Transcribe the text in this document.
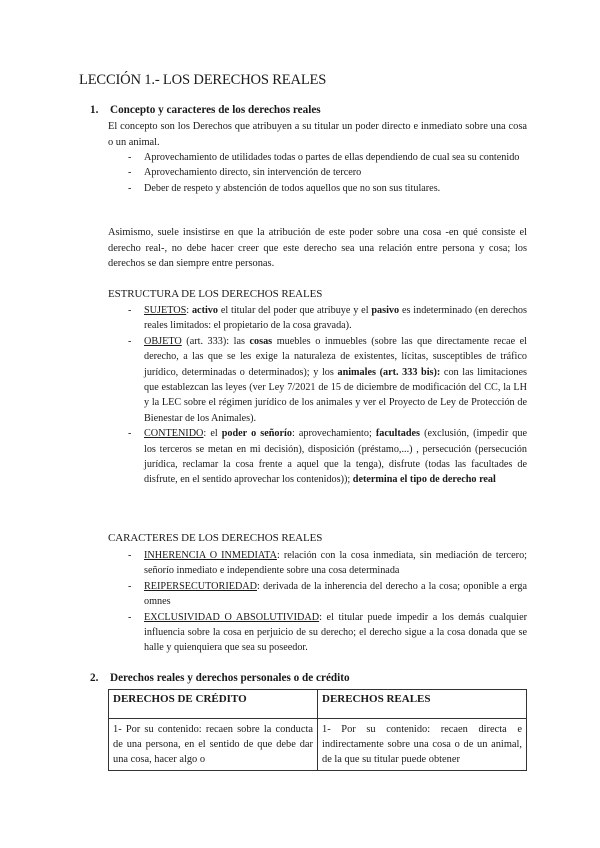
LECCIÓN 1.- LOS DERECHOS REALES

1. Concepto y caracteres de los derechos reales

El concepto son los Derechos que atribuyen a su titular un poder directo e inmediato sobre una cosa o un animal.

- Aprovechamiento de utilidades todas o partes de ellas dependiendo de cual sea su contenido
- Aprovechamiento directo, sin intervención de tercero
- Deber de respeto y abstención de todos aquellos que no son sus titulares.

Asimismo, suele insistirse en que la atribución de este poder sobre una cosa -en qué consiste el derecho real-, no debe hacer creer que este derecho sea una relación entre persona y cosa; los derechos se dan siempre entre personas.

ESTRUCTURA DE LOS DERECHOS REALES

- SUJETOS: activo el titular del poder que atribuye y el pasivo es indeterminado (en derechos reales limitados: el propietario de la cosa gravada).
- OBJETO (art. 333): las cosas muebles o inmuebles (sobre las que directamente recae el derecho, a las que se les exige la naturaleza de existentes, lícitas, susceptibles de tráfico jurídico, determinadas o determinados); y los animales (art. 333 bis): con las limitaciones que establezcan las leyes (ver Ley 7/2021 de 15 de diciembre de modificación del CC, la LH y la LEC sobre el régimen jurídico de los animales y ver el Proyecto de Ley de Protección de Bienestar de los Animales).
- CONTENIDO: el poder o señorío: aprovechamiento; facultades (exclusión, (impedir que los terceros se metan en mi decisión), disposición (préstamo,...) , persecución (persecución jurídica, reclamar la cosa frente a aquel que la tenga), disfrute (todas las facultades de disfrute, en el sentido aprovechar los contenidos)); determina el tipo de derecho real

CARACTERES DE LOS DERECHOS REALES

- INHERENCIA O INMEDIATA: relación con la cosa inmediata, sin mediación de tercero; señorío inmediato e independiente sobre una cosa determinada
- REIPERSECUTORIEDAD: derivada de la inherencia del derecho a la cosa; oponible a erga omnes
- EXCLUSIVIDAD O ABSOLUTIVIDAD: el titular puede impedir a los demás cualquier influencia sobre la cosa en perjuicio de su derecho; el derecho sigue a la cosa donada que se halle y quienquiera que sea su poseedor.

2. Derechos reales y derechos personales o de crédito

DERECHOS DE CRÉDITO	DERECHOS REALES
1- Por su contenido: recaen sobre la conducta de una persona, en el sentido de que debe dar una cosa, hacer algo o	1- Por su contenido: recaen directa e indirectamente sobre una cosa o de un animal, de la que su titular puede obtener
